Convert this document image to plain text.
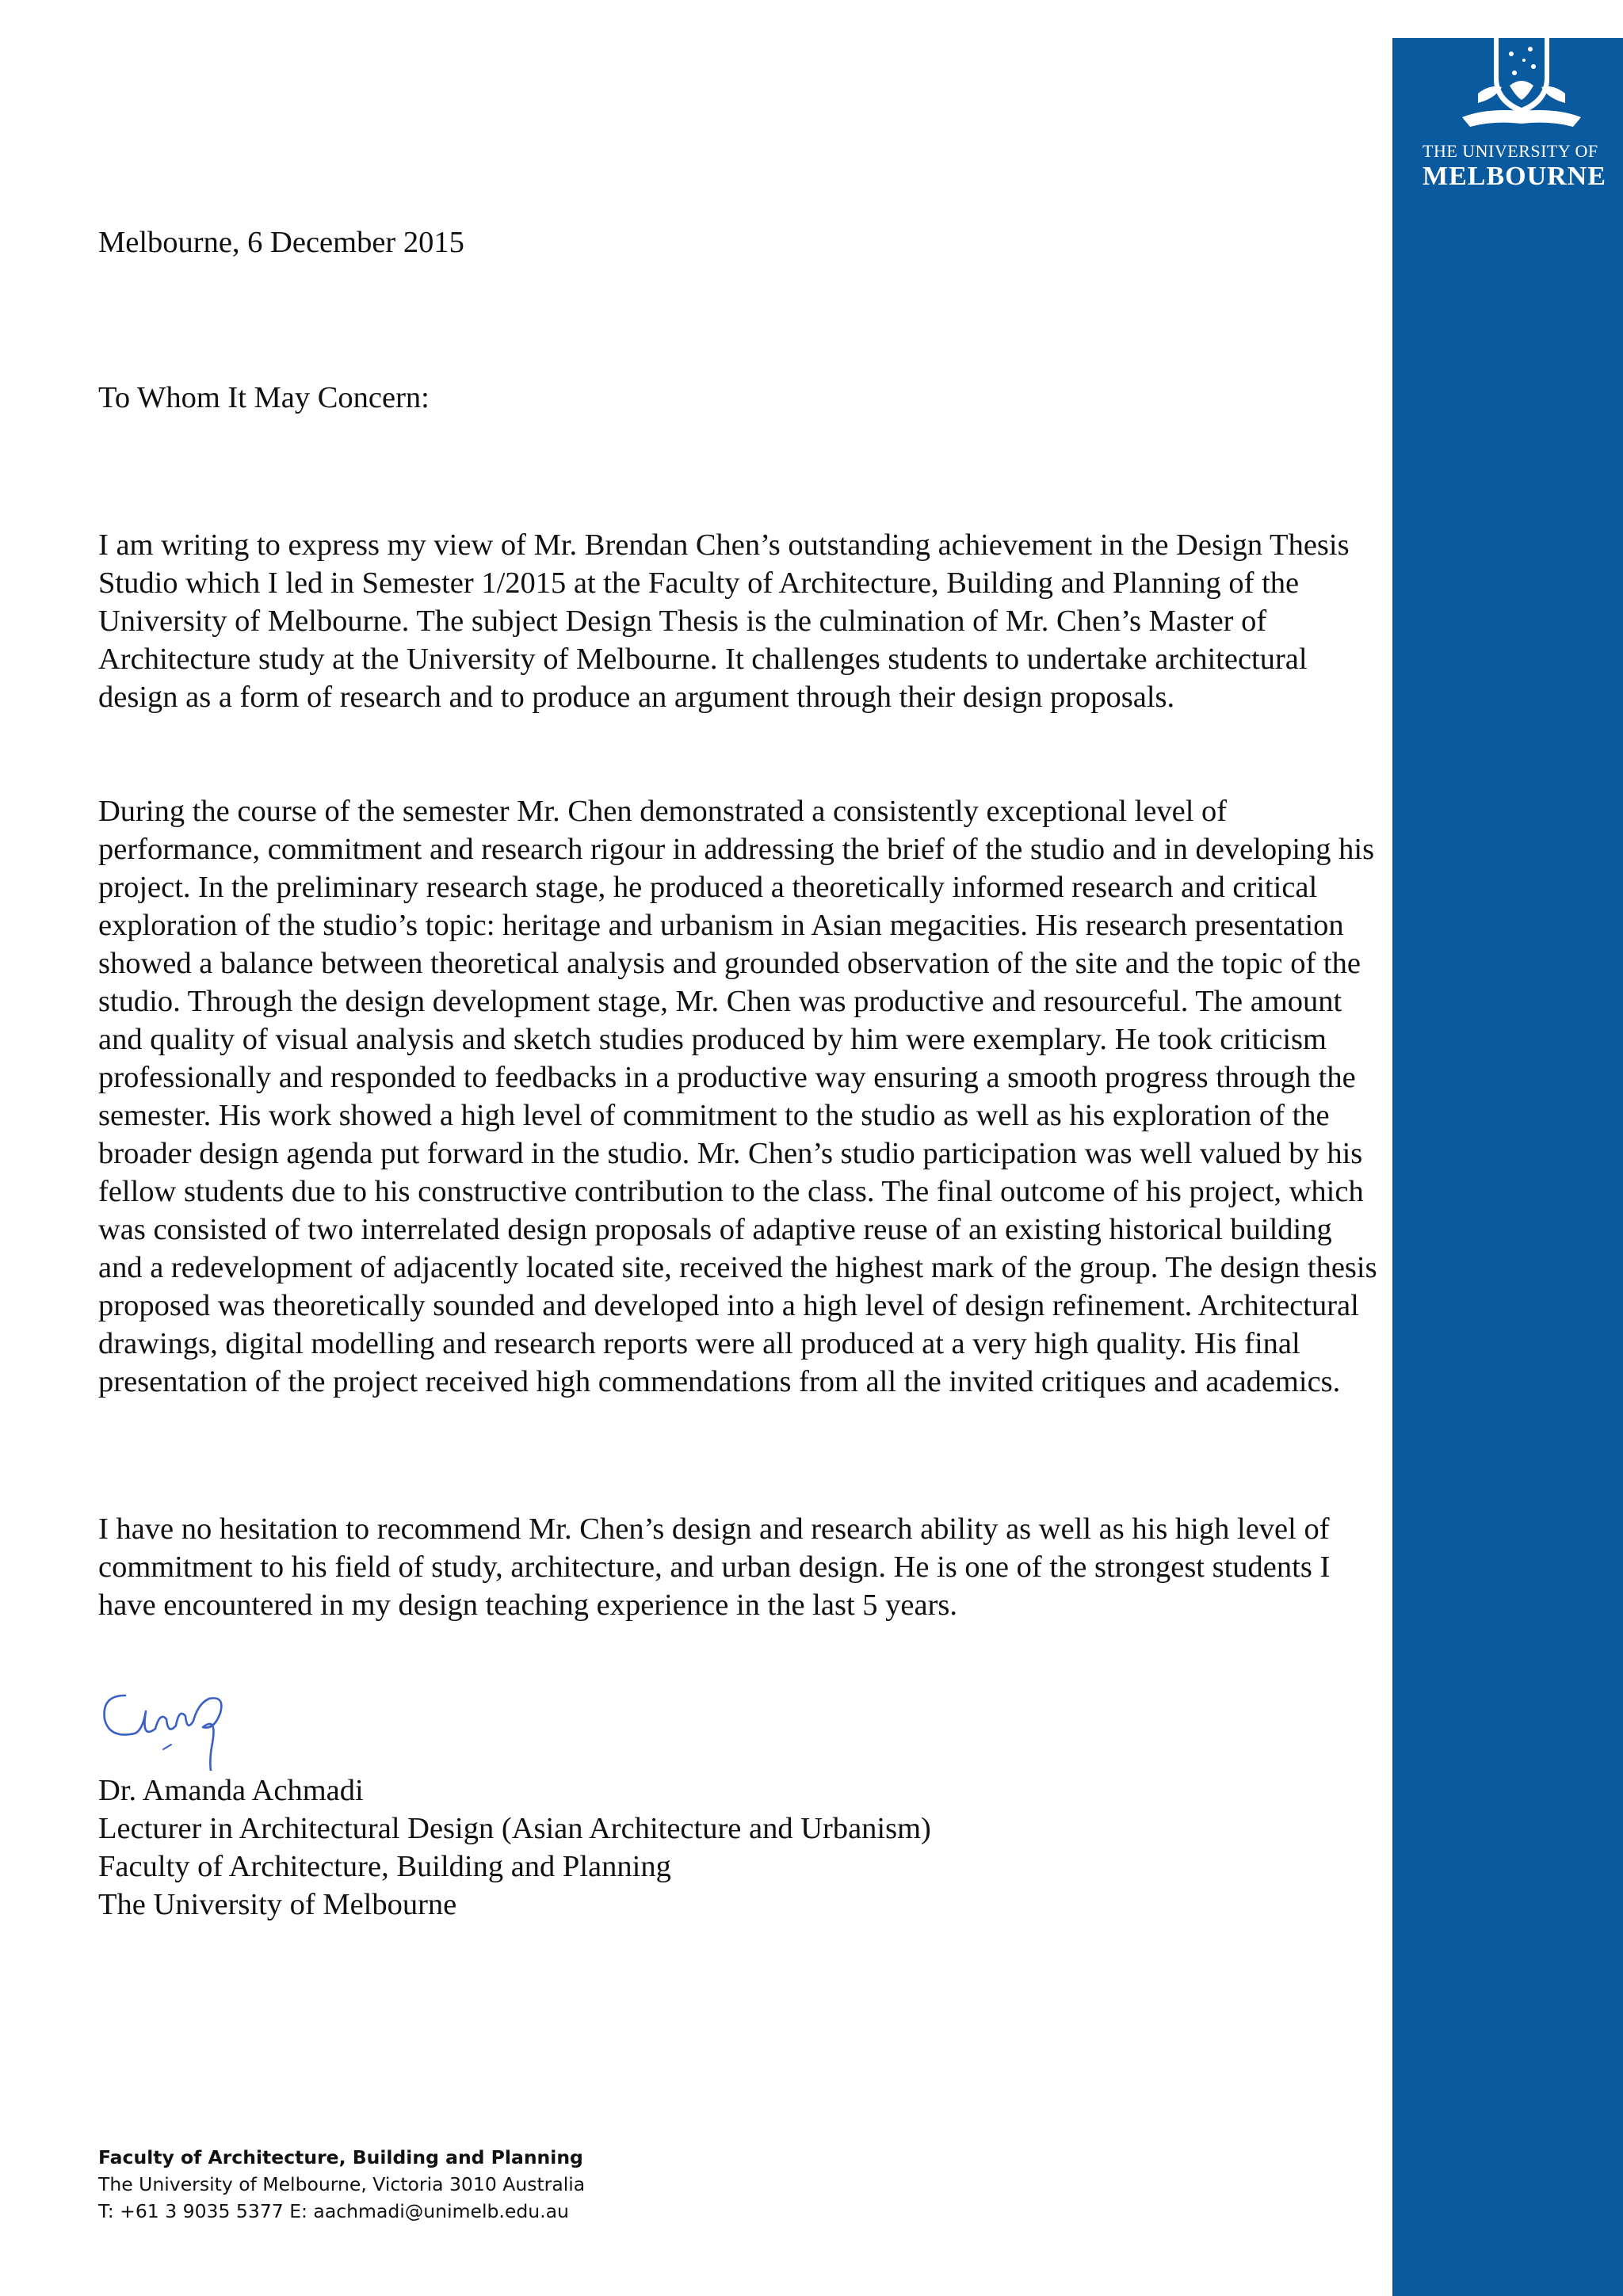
THE UNIVERSITY OF
MELBOURNE

Melbourne, 6 December 2015

To Whom It May Concern:

I am writing to express my view of Mr. Brendan Chen’s outstanding achievement in the Design Thesis Studio which I led in Semester 1/2015 at the Faculty of Architecture, Building and Planning of the University of Melbourne. The subject Design Thesis is the culmination of Mr. Chen’s Master of Architecture study at the University of Melbourne. It challenges students to undertake architectural design as a form of research and to produce an argument through their design proposals.

During the course of the semester Mr. Chen demonstrated a consistently exceptional level of performance, commitment and research rigour in addressing the brief of the studio and in developing his project. In the preliminary research stage, he produced a theoretically informed research and critical exploration of the studio’s topic: heritage and urbanism in Asian megacities. His research presentation showed a balance between theoretical analysis and grounded observation of the site and the topic of the studio. Through the design development stage, Mr. Chen was productive and resourceful. The amount and quality of visual analysis and sketch studies produced by him were exemplary. He took criticism professionally and responded to feedbacks in a productive way ensuring a smooth progress through the semester. His work showed a high level of commitment to the studio as well as his exploration of the broader design agenda put forward in the studio. Mr. Chen’s studio participation was well valued by his fellow students due to his constructive contribution to the class. The final outcome of his project, which was consisted of two interrelated design proposals of adaptive reuse of an existing historical building and a redevelopment of adjacently located site, received the highest mark of the group. The design thesis proposed was theoretically sounded and developed into a high level of design refinement. Architectural drawings, digital modelling and research reports were all produced at a very high quality. His final presentation of the project received high commendations from all the invited critiques and academics.

I have no hesitation to recommend Mr. Chen’s design and research ability as well as his high level of commitment to his field of study, architecture, and urban design. He is one of the strongest students I have encountered in my design teaching experience in the last 5 years.

Dr. Amanda Achmadi
Lecturer in Architectural Design (Asian Architecture and Urbanism)
Faculty of Architecture, Building and Planning
The University of Melbourne
Faculty of Architecture, Building and Planning
The University of Melbourne, Victoria 3010 Australia
T: +61 3 9035 5377 E: aachmadi@unimelb.edu.au
